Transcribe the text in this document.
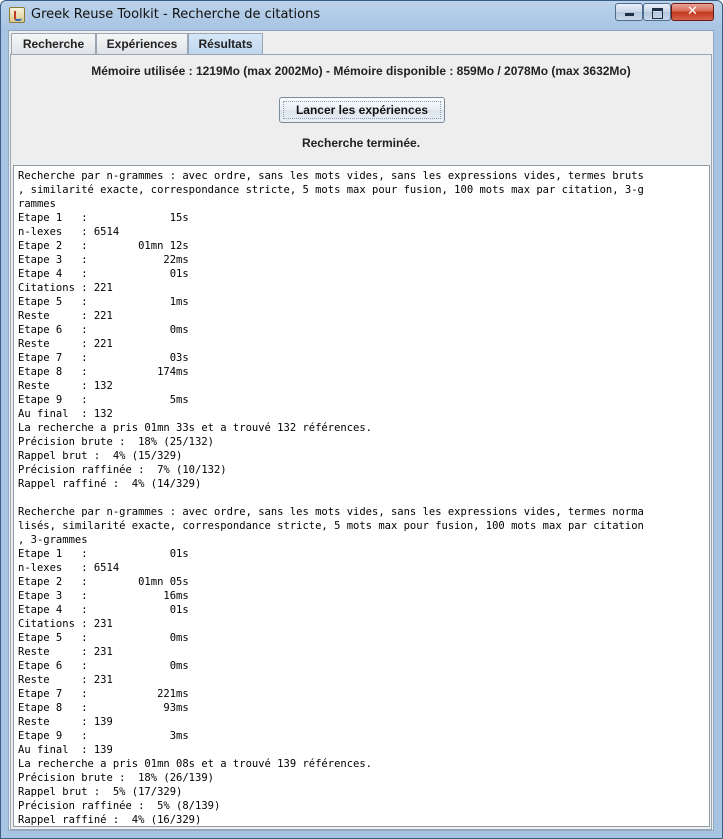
Greek Reuse Toolkit - Recherche de citations	✕
Recherche	Expériences	Résultats
Mémoire utilisée : 1219Mo (max 2002Mo) - Mémoire disponible : 859Mo / 2078Mo (max 3632Mo)
Lancer les expériences
Recherche terminée.
Recherche par n-grammes : avec ordre, sans les mots vides, sans les expressions vides, termes bruts
, similarité exacte, correspondance stricte, 5 mots max pour fusion, 100 mots max par citation, 3-g
rammes
Etape 1   :             15s
n-lexes   : 6514
Etape 2   :        01mn 12s
Etape 3   :            22ms
Etape 4   :             01s
Citations : 221
Etape 5   :             1ms
Reste     : 221
Etape 6   :             0ms
Reste     : 221
Etape 7   :             03s
Etape 8   :           174ms
Reste     : 132
Etape 9   :             5ms
Au final  : 132
La recherche a pris 01mn 33s et a trouvé 132 références.
Précision brute :  18% (25/132)
Rappel brut :  4% (15/329)
Précision raffinée :  7% (10/132)
Rappel raffiné :  4% (14/329)
Recherche par n-grammes : avec ordre, sans les mots vides, sans les expressions vides, termes norma
lisés, similarité exacte, correspondance stricte, 5 mots max pour fusion, 100 mots max par citation
, 3-grammes
Etape 1   :             01s
n-lexes   : 6514
Etape 2   :        01mn 05s
Etape 3   :            16ms
Etape 4   :             01s
Citations : 231
Etape 5   :             0ms
Reste     : 231
Etape 6   :             0ms
Reste     : 231
Etape 7   :           221ms
Etape 8   :            93ms
Reste     : 139
Etape 9   :             3ms
Au final  : 139
La recherche a pris 01mn 08s et a trouvé 139 références.
Précision brute :  18% (26/139)
Rappel brut :  5% (17/329)
Précision raffinée :  5% (8/139)
Rappel raffiné :  4% (16/329)
